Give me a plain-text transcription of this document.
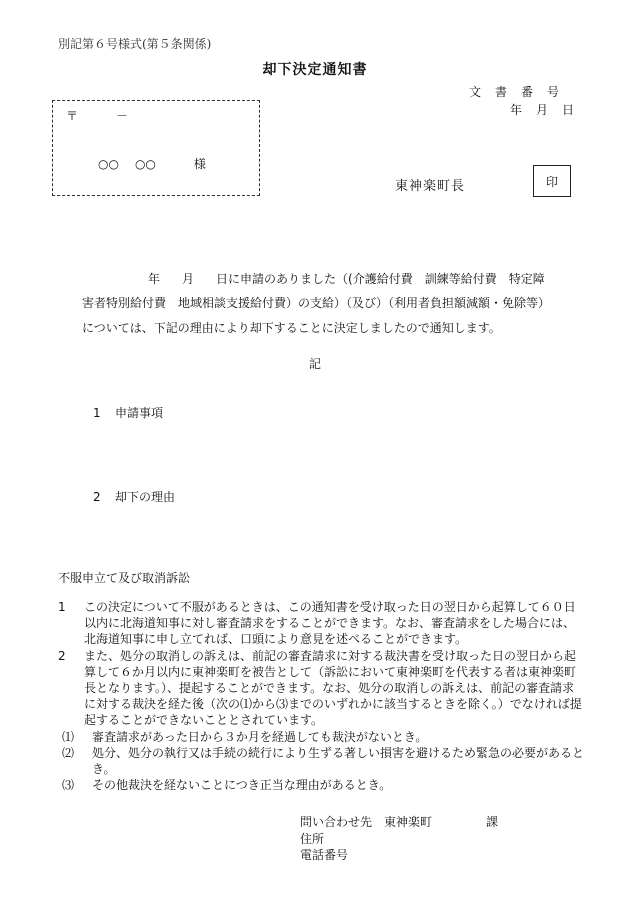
別記第６号様式(第５条関係)
却下決定通知書
文 書 番 号
年 月 日
〒	－
○○ ○○	様
東神楽町長	印
年 月 日に申請のありました（(介護給付費　訓練等給付費　特定障
害者特別給付費　地域相談支援給付費）の支給）（及び）（利用者負担額減額・免除等）
については、下記の理由により却下することに決定しましたので通知します。
記
1 申請事項
2 却下の理由
不服申立て及び取消訴訟
1	この決定について不服があるときは、この通知書を受け取った日の翌日から起算して６０日以内に北海道知事に対し審査請求をすることができます。なお、審査請求をした場合には、北海道知事に申し立てれば、口頭により意見を述べることができます。
2	また、処分の取消しの訴えは、前記の審査請求に対する裁決書を受け取った日の翌日から起算して６か月以内に東神楽町を被告として（訴訟において東神楽町を代表する者は東神楽町長となります。）、提起することができます。なお、処分の取消しの訴えは、前記の審査請求に対する裁決を経た後（次の⑴から⑶までのいずれかに該当するときを除く。）でなければ提起することができないこととされています。
⑴	審査請求があった日から３か月を経過しても裁決がないとき。
⑵	処分、処分の執行又は手続の続行により生ずる著しい損害を避けるため緊急の必要があるとき。
⑶	その他裁決を経ないことにつき正当な理由があるとき。
問い合わせ先 東神楽町	課
住所
電話番号
